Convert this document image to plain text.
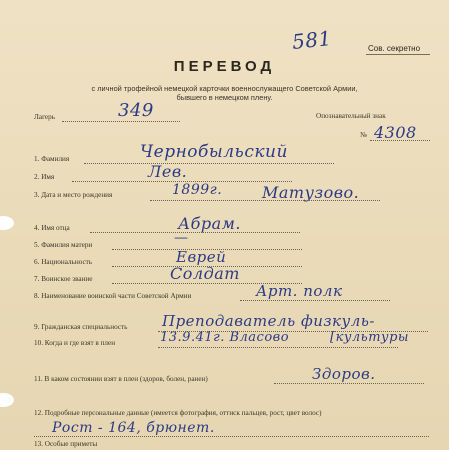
581	Сов. секретно
ПЕРЕВОД
с личной трофейной немецкой карточки военнослужащего Советской Армии,
бывшего в немецком плену.
Лагерь	349	Опознавательный знак
№ 4308
1. Фамилия	Чернобыльский
2. Имя	Лев.
3. Дата и место рождения	1899г. Матузово.
4. Имя отца	Абрам.
5. Фамилия матери	—
6. Национальность	Еврей
7. Воинское звание	Солдат
8. Наименование воинской части Советской Армии	Арт. полк
9. Гражданская специальность Преподаватель физкуль-
10. Когда и где взят в плен	13.9.41г. Власово	[культуры
11. В каком состоянии взят в плен (здоров, болен, ранен)	Здоров.
12. Подробные персональные данные (имеется фотография, оттиск пальцев, рост, цвет волос)
Рост - 164, брюнет.
13. Особые приметы
